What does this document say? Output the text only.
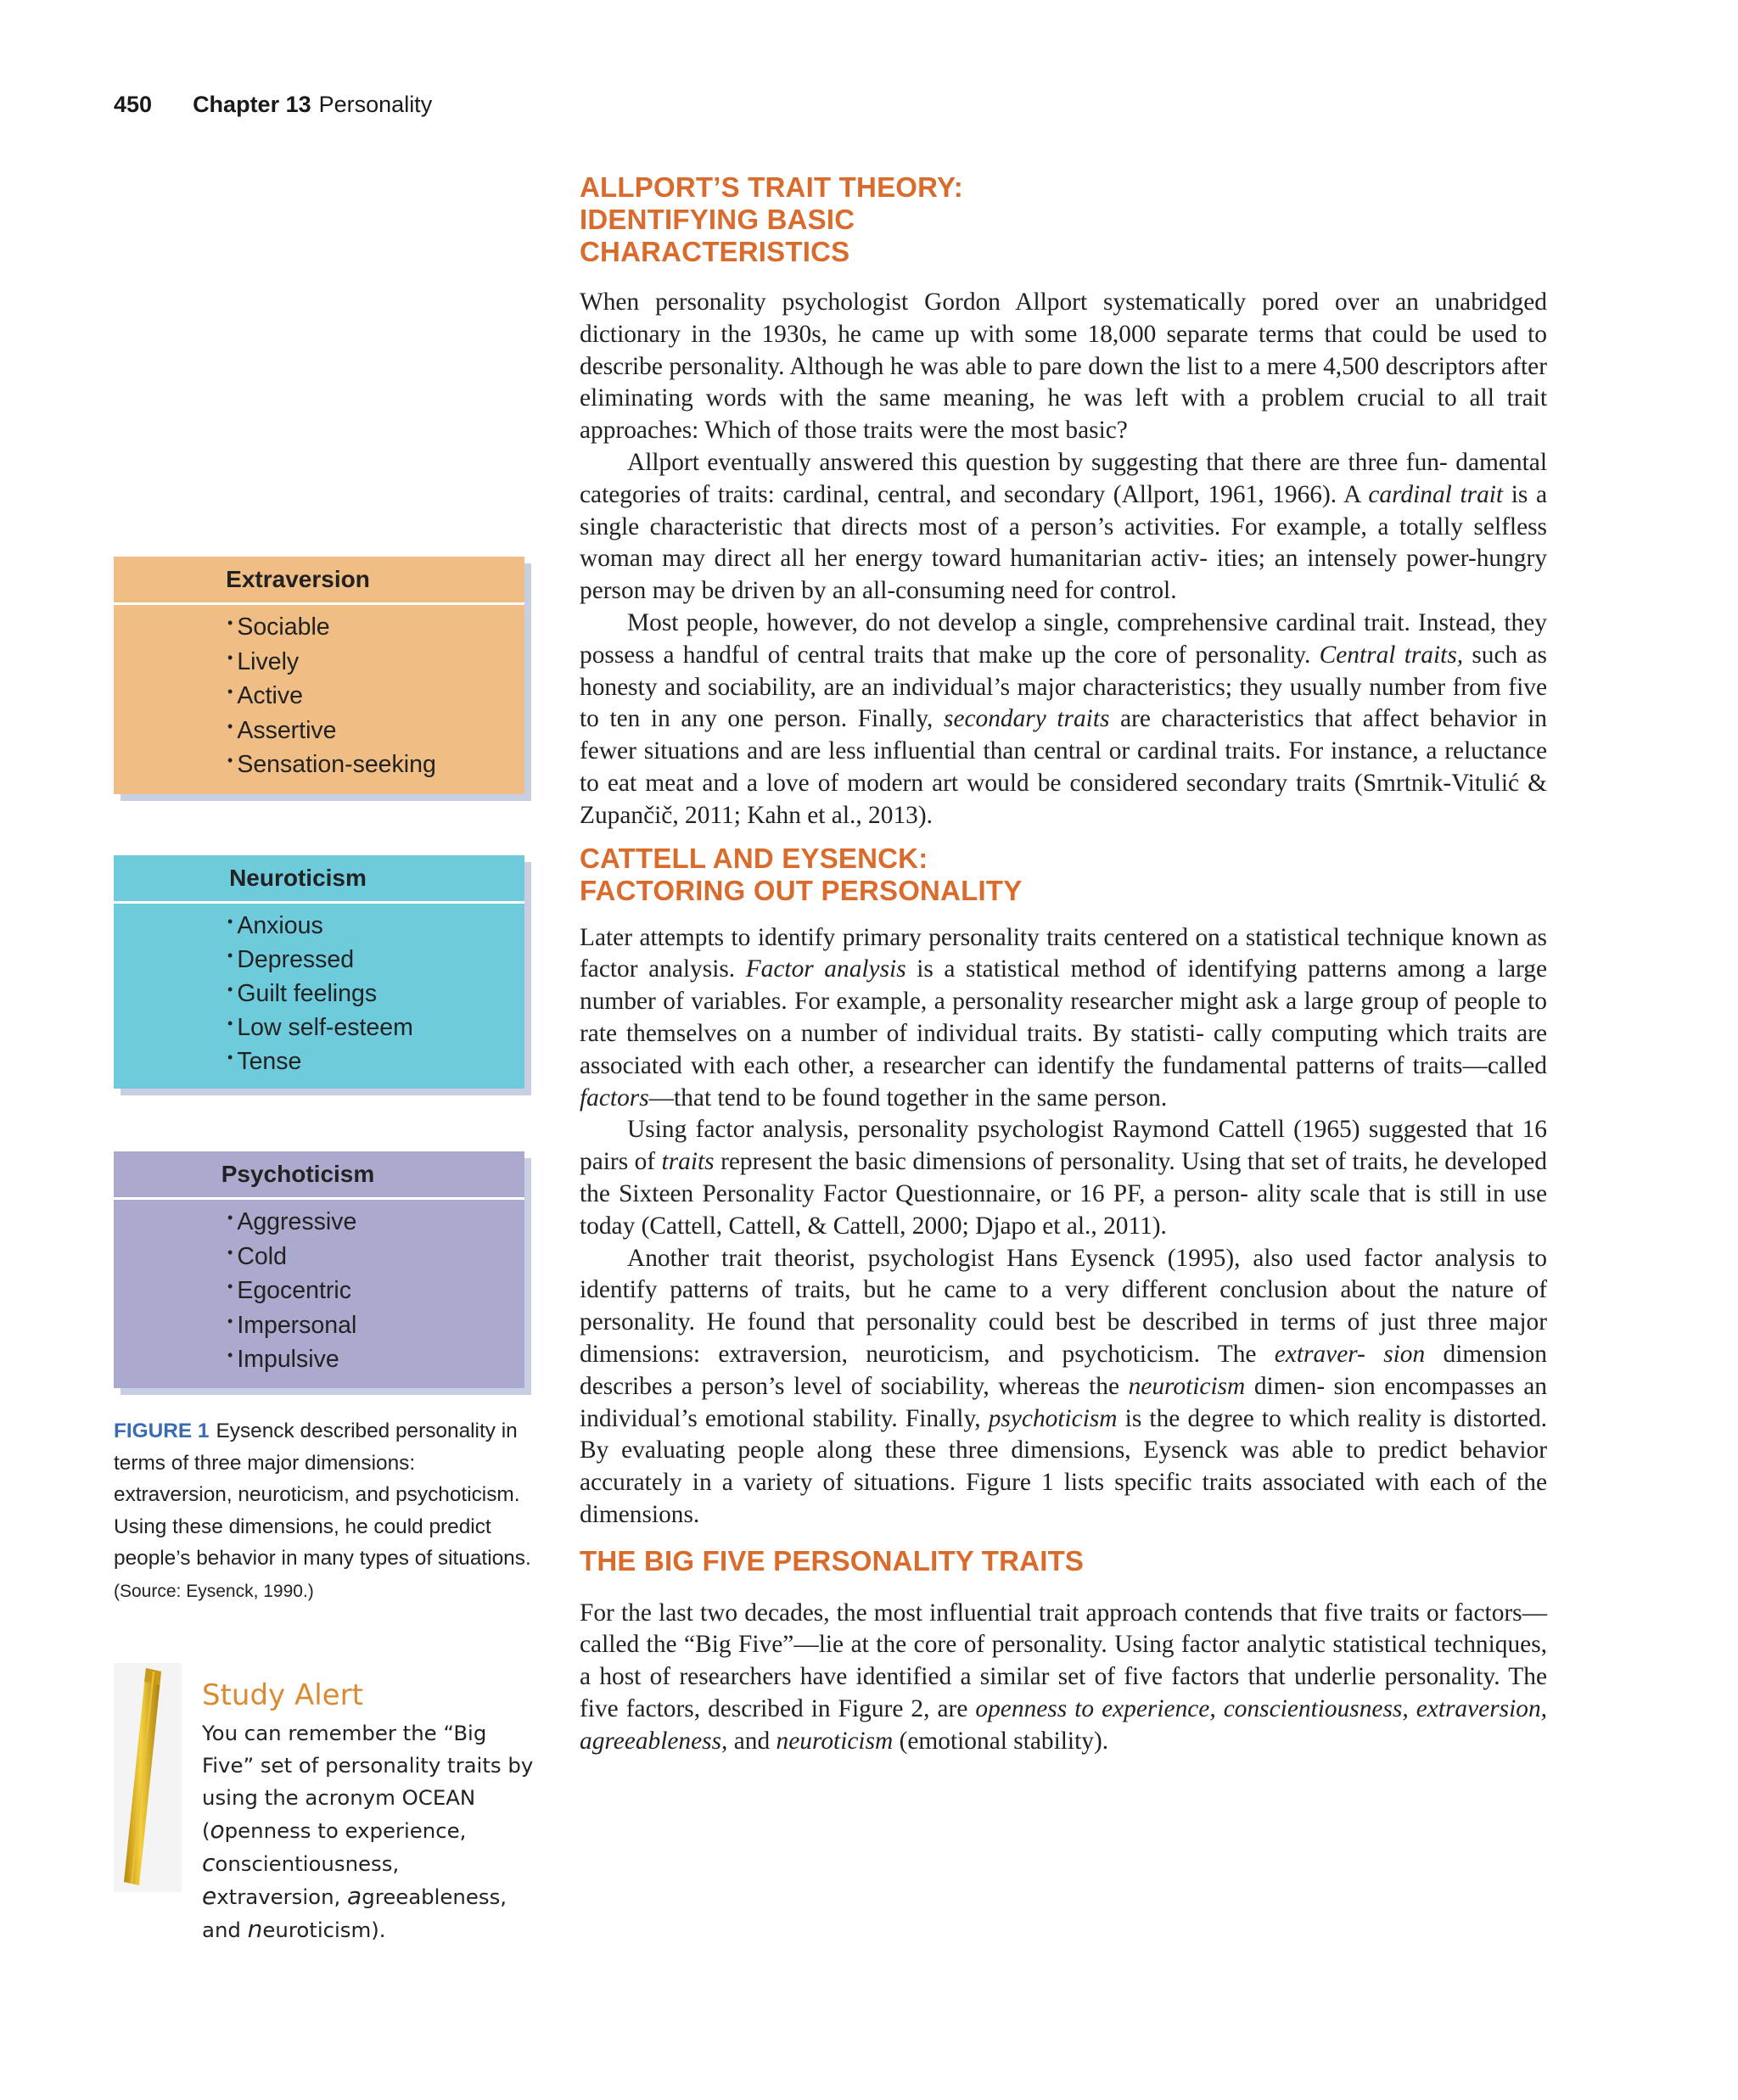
450 Chapter 13 Personality
ALLPORT’S TRAIT THEORY:
IDENTIFYING BASIC
CHARACTERISTICS

When personality psychologist Gordon Allport systematically pored over an unabridged dictionary in the 1930s, he came up with some 18,000 separate terms that could be used to describe personality. Although he was able to pare down the list to a mere 4,500 descriptors after eliminating words with the same meaning, he was left with a problem crucial to all trait approaches: Which of those traits were the most basic?

Allport eventually answered this question by suggesting that there are three fun- damental categories of traits: cardinal, central, and secondary (Allport, 1961, 1966). A cardinal trait is a single characteristic that directs most of a person’s activities. For example, a totally selfless woman may direct all her energy toward humanitarian activ- ities; an intensely power-hungry person may be driven by an all-consuming need for control.

Most people, however, do not develop a single, comprehensive cardinal trait. Instead, they possess a handful of central traits that make up the core of personality. Central traits, such as honesty and sociability, are an individual’s major characteristics; they usually number from five to ten in any one person. Finally, secondary traits are characteristics that affect behavior in fewer situations and are less influential than central or cardinal traits. For instance, a reluctance to eat meat and a love of modern art would be considered secondary traits (Smrtnik-Vitulić & Zupančič, 2011; Kahn et al., 2013).

CATTELL AND EYSENCK:
FACTORING OUT PERSONALITY

Later attempts to identify primary personality traits centered on a statistical technique known as factor analysis. Factor analysis is a statistical method of identifying patterns among a large number of variables. For example, a personality researcher might ask a large group of people to rate themselves on a number of individual traits. By statisti- cally computing which traits are associated with each other, a researcher can identify the fundamental patterns of traits—called factors—that tend to be found together in the same person.

Using factor analysis, personality psychologist Raymond Cattell (1965) suggested that 16 pairs of traits represent the basic dimensions of personality. Using that set of traits, he developed the Sixteen Personality Factor Questionnaire, or 16 PF, a person- ality scale that is still in use today (Cattell, Cattell, & Cattell, 2000; Djapo et al., 2011).

Another trait theorist, psychologist Hans Eysenck (1995), also used factor analysis to identify patterns of traits, but he came to a very different conclusion about the nature of personality. He found that personality could best be described in terms of just three major dimensions: extraversion, neuroticism, and psychoticism. The extraver- sion dimension describes a person’s level of sociability, whereas the neuroticism dimen- sion encompasses an individual’s emotional stability. Finally, psychoticism is the degree to which reality is distorted. By evaluating people along these three dimensions, Eysenck was able to predict behavior accurately in a variety of situations. Figure 1 lists specific traits associated with each of the dimensions.

THE BIG FIVE PERSONALITY TRAITS

For the last two decades, the most influential trait approach contends that five traits or factors—called the “Big Five”—lie at the core of personality. Using factor analytic statistical techniques, a host of researchers have identified a similar set of five factors that underlie personality. The five factors, described in Figure 2, are openness to experience, conscientiousness, extraversion, agreeableness, and neuroticism (emotional stability).

Extraversion
• Sociable
• Lively
• Active
• Assertive
• Sensation-seeking
Neuroticism
• Anxious
• Depressed
• Guilt feelings
• Low self-esteem
• Tense
Psychoticism
• Aggressive
• Cold
• Egocentric
• Impersonal
• Impulsive
FIGURE 1 Eysenck described personality in terms of three major dimensions: extraversion, neuroticism, and psychoticism. Using these dimensions, he could predict people’s behavior in many types of situations. (Source: Eysenck, 1990.)
Study Alert
You can remember the “Big
Five” set of personality traits by
using the acronym OCEAN
(openness to experience,
conscientiousness,
extraversion, agreeableness,
and neuroticism).
